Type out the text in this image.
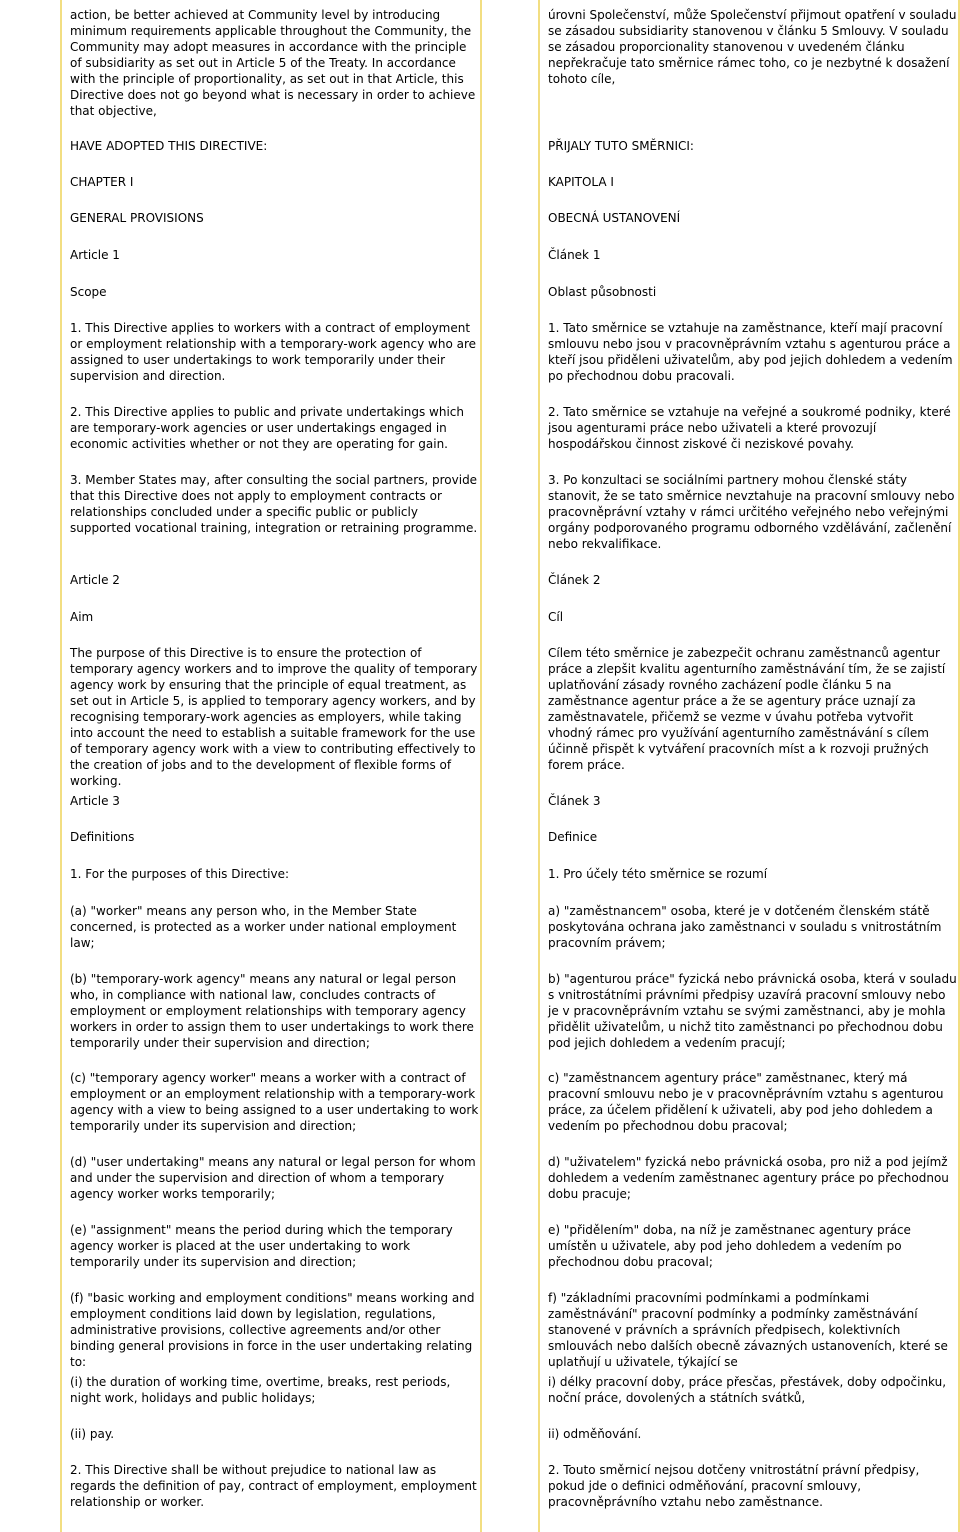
action, be better achieved at Community level by introducing minimum requirements applicable throughout the Community, the Community may adopt measures in accordance with the principle of subsidiarity as set out in Article 5 of the Treaty. In accordance with the principle of proportionality, as set out in that Article, this Directive does not go beyond what is necessary in order to achieve that objective,

HAVE ADOPTED THIS DIRECTIVE:

CHAPTER I

GENERAL PROVISIONS

Article 1

Scope

1. This Directive applies to workers with a contract of employment or employment relationship with a temporary-work agency who are assigned to user undertakings to work temporarily under their supervision and direction.

2. This Directive applies to public and private undertakings which are temporary-work agencies or user undertakings engaged in economic activities whether or not they are operating for gain.

3. Member States may, after consulting the social partners, provide that this Directive does not apply to employment contracts or relationships concluded under a specific public or publicly supported vocational training, integration or retraining programme.

Article 2

Aim

The purpose of this Directive is to ensure the protection of temporary agency workers and to improve the quality of temporary agency work by ensuring that the principle of equal treatment, as set out in Article 5, is applied to temporary agency workers, and by recognising temporary-work agencies as employers, while taking into account the need to establish a suitable framework for the use of temporary agency work with a view to contributing effectively to the creation of jobs and to the development of flexible forms of working.

Article 3

Definitions

1. For the purposes of this Directive:

(a) "worker" means any person who, in the Member State concerned, is protected as a worker under national employment law;

(b) "temporary-work agency" means any natural or legal person who, in compliance with national law, concludes contracts of employment or employment relationships with temporary agency workers in order to assign them to user undertakings to work there temporarily under their supervision and direction;

(c) "temporary agency worker" means a worker with a contract of employment or an employment relationship with a temporary-work agency with a view to being assigned to a user undertaking to work temporarily under its supervision and direction;

(d) "user undertaking" means any natural or legal person for whom and under the supervision and direction of whom a temporary agency worker works temporarily;

(e) "assignment" means the period during which the temporary agency worker is placed at the user undertaking to work temporarily under its supervision and direction;

(f) "basic working and employment conditions" means working and employment conditions laid down by legislation, regulations, administrative provisions, collective agreements and/or other binding general provisions in force in the user undertaking relating to:

(i) the duration of working time, overtime, breaks, rest periods, night work, holidays and public holidays;

(ii) pay.

2. This Directive shall be without prejudice to national law as regards the definition of pay, contract of employment, employment relationship or worker.

úrovni Společenství, může Společenství přijmout opatření v souladu se zásadou subsidiarity stanovenou v článku 5 Smlouvy. V souladu se zásadou proporcionality stanovenou v uvedeném článku nepřekračuje tato směrnice rámec toho, co je nezbytné k dosažení tohoto cíle,

PŘIJALY TUTO SMĚRNICI:

KAPITOLA I

OBECNÁ USTANOVENÍ

Článek 1

Oblast působnosti

1. Tato směrnice se vztahuje na zaměstnance, kteří mají pracovní smlouvu nebo jsou v pracovněprávním vztahu s agenturou práce a kteří jsou přiděleni uživatelům, aby pod jejich dohledem a vedením po přechodnou dobu pracovali.

2. Tato směrnice se vztahuje na veřejné a soukromé podniky, které jsou agenturami práce nebo uživateli a které provozují hospodářskou činnost ziskové či neziskové povahy.

3. Po konzultaci se sociálními partnery mohou členské státy stanovit, že se tato směrnice nevztahuje na pracovní smlouvy nebo pracovněprávní vztahy v rámci určitého veřejného nebo veřejnými orgány podporovaného programu odborného vzdělávání, začlenění nebo rekvalifikace.

Článek 2

Cíl

Cílem této směrnice je zabezpečit ochranu zaměstnanců agentur práce a zlepšit kvalitu agenturního zaměstnávání tím, že se zajistí uplatňování zásady rovného zacházení podle článku 5 na zaměstnance agentur práce a že se agentury práce uznají za zaměstnavatele, přičemž se vezme v úvahu potřeba vytvořit vhodný rámec pro využívání agenturního zaměstnávání s cílem účinně přispět k vytváření pracovních míst a k rozvoji pružných forem práce.

Článek 3

Definice

1. Pro účely této směrnice se rozumí

a) "zaměstnancem" osoba, které je v dotčeném členském státě poskytována ochrana jako zaměstnanci v souladu s vnitrostátním pracovním právem;

b) "agenturou práce" fyzická nebo právnická osoba, která v souladu s vnitrostátními právními předpisy uzavírá pracovní smlouvy nebo je v pracovněprávním vztahu se svými zaměstnanci, aby je mohla přidělit uživatelům, u nichž tito zaměstnanci po přechodnou dobu pod jejich dohledem a vedením pracují;

c) "zaměstnancem agentury práce" zaměstnanec, který má pracovní smlouvu nebo je v pracovněprávním vztahu s agenturou práce, za účelem přidělení k uživateli, aby pod jeho dohledem a vedením po přechodnou dobu pracoval;

d) "uživatelem" fyzická nebo právnická osoba, pro niž a pod jejímž dohledem a vedením zaměstnanec agentury práce po přechodnou dobu pracuje;

e) "přidělením" doba, na níž je zaměstnanec agentury práce umístěn u uživatele, aby pod jeho dohledem a vedením po přechodnou dobu pracoval;

f) "základními pracovními podmínkami a podmínkami zaměstnávání" pracovní podmínky a podmínky zaměstnávání stanovené v právních a správních předpisech, kolektivních smlouvách nebo dalších obecně závazných ustanoveních, které se uplatňují u uživatele, týkající se

i) délky pracovní doby, práce přesčas, přestávek, doby odpočinku, noční práce, dovolených a státních svátků,

ii) odměňování.

2. Touto směrnicí nejsou dotčeny vnitrostátní právní předpisy, pokud jde o definici odměňování, pracovní smlouvy, pracovněprávního vztahu nebo zaměstnance.
